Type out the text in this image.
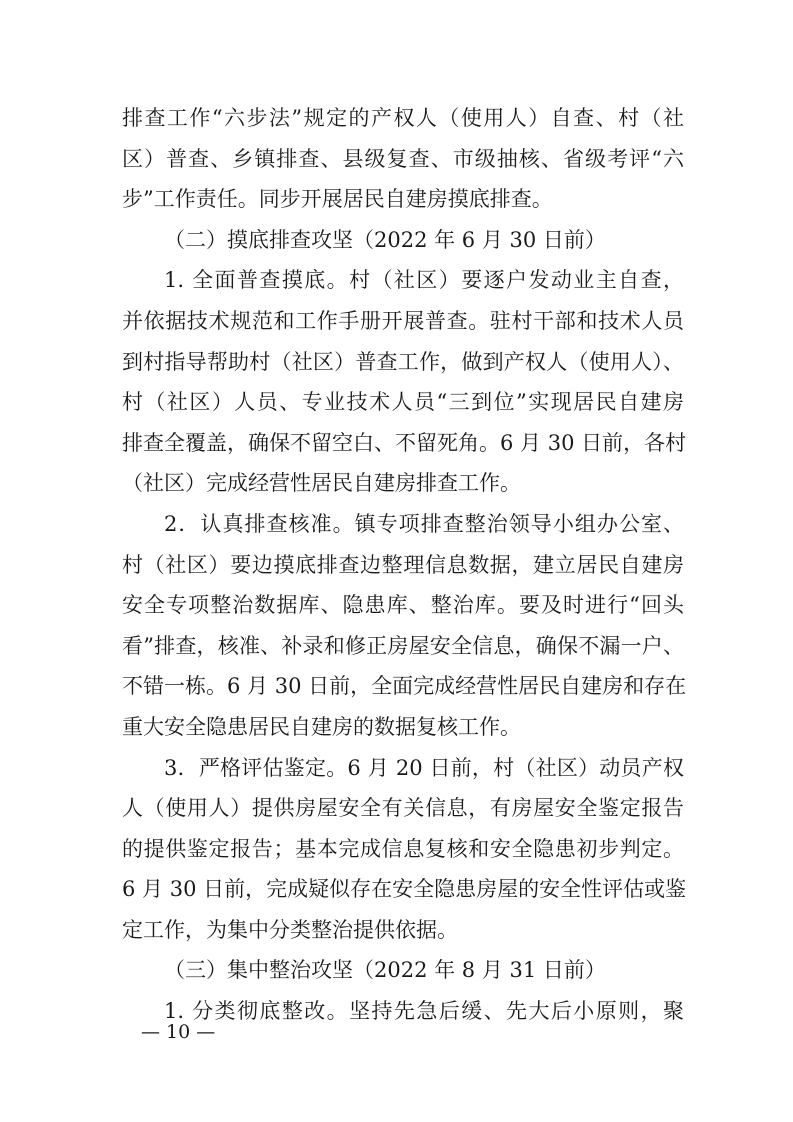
排查工作“六步法”规定的产权人（使用人）自查、村（社
区）普查、乡镇排查、县级复查、市级抽核、省级考评“六
步”工作责任。同步开展居民自建房摸底排查。

（二）摸底排查攻坚（2022 年 6 月 30 日前）

1. 全面普查摸底。村（社区）要逐户发动业主自查，
并依据技术规范和工作手册开展普查。驻村干部和技术人员
到村指导帮助村（社区）普查工作，做到产权人（使用人）、
村（社区）人员、专业技术人员“三到位”实现居民自建房
排查全覆盖，确保不留空白、不留死角。6 月 30 日前，各村
（社区）完成经营性居民自建房排查工作。

2．认真排查核准。镇专项排查整治领导小组办公室、
村（社区）要边摸底排查边整理信息数据，建立居民自建房
安全专项整治数据库、隐患库、整治库。要及时进行“回头
看”排查，核准、补录和修正房屋安全信息，确保不漏一户、
不错一栋。6 月 30 日前，全面完成经营性居民自建房和存在
重大安全隐患居民自建房的数据复核工作。

3．严格评估鉴定。6 月 20 日前，村（社区）动员产权
人（使用人）提供房屋安全有关信息，有房屋安全鉴定报告
的提供鉴定报告；基本完成信息复核和安全隐患初步判定。
6 月 30 日前，完成疑似存在安全隐患房屋的安全性评估或鉴
定工作，为集中分类整治提供依据。

（三）集中整治攻坚（2022 年 8 月 31 日前）

1. 分类彻底整改。坚持先急后缓、先大后小原则，聚

— 10 —
